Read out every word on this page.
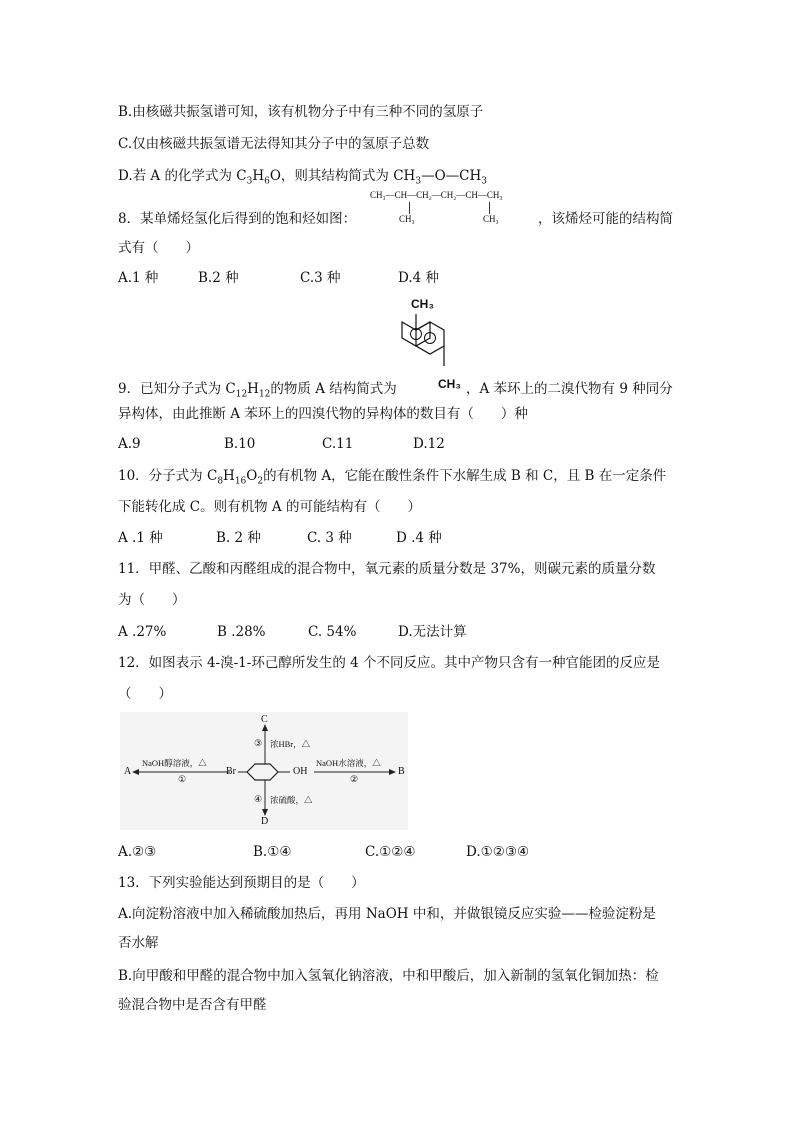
B.由核磁共振氢谱可知，该有机物分子中有三种不同的氢原子
C.仅由核磁共振氢谱无法得知其分子中的氢原子总数
D.若 A 的化学式为 $C_3H_6O$，则其结构简式为 $CH_3—O—CH_3$
8．某单烯烃氢化后得到的饱和烃如图：
CH₃—CH—CH₂—CH₂—CH—CH₃
CH₃	CH₃	，该烯烃可能的结构简
式有（　　）
A.1 种	B.2 种	C.3 种	D.4 种
CH₃
CH₃
9．已知分子式为 $C_{12}H_{12}$的物质 A 结构简式为	，A 苯环上的二溴代物有 9 种同分
异构体，由此推断 A 苯环上的四溴代物的异构体的数目有（　　）种
A.9	B.10	C.11	D.12
10．分子式为 $C_8H_{16}O_2$的有机物 A，它能在酸性条件下水解生成 B 和 C，且 B 在一定条件
下能转化成 C。则有机物 A 的可能结构有（　　）
A .1 种	B. 2 种	C. 3 种	D .4 种
11．甲醛、乙酸和丙醛组成的混合物中，氧元素的质量分数是 37%，则碳元素的质量分数
为（　　）
A .27%	B .28%	C. 54%	D.无法计算
12．如图表示 4-溴-1-环己醇所发生的 4 个不同反应。其中产物只含有一种官能团的反应是
（　　）
C
D
A	B
Br	OH
NaOH醇溶液，△
①
NaOH水溶液，△
②
③ 浓HBr，△
④ 浓硫酸，△
A.②③	B.①④	C.①②④	D.①②③④
13．下列实验能达到预期目的是（　　）
A.向淀粉溶液中加入稀硫酸加热后，再用 NaOH 中和，并做银镜反应实验——检验淀粉是
否水解
B.向甲酸和甲醛的混合物中加入氢氧化钠溶液，中和甲酸后，加入新制的氢氧化铜加热：检
验混合物中是否含有甲醛
